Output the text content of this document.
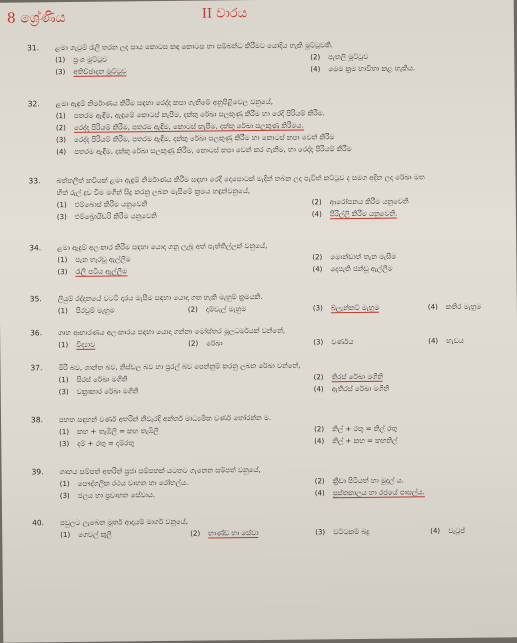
8 ශ්‍රේණිය	II වාරය
31.	ළමා ගැටුම් රැලි තරන ලද සාය කොටස කඳ කොටස හා සම්බන්ධ කිරීමට යොදිය හැකි මූට්ටුවකි.
(1) ප්‍රංශ මූට්ටුව	(2) පැතලි මූට්ටුව
(3) අතිච්ඡාදන මූට්ටුව	(4) මෙම ක්‍රම භාවිතා කළ හැකිය.
32.	ළමා ඇඳුම් නිර්මාණය කිරීම සඳහා රෙද්ද කපා ගැනීමේ අනුපිළිවෙල වනුයේ,
(1) පතරම ඇඳීම, ඇඳුමේ කොටස් කැපීම, දක්කු රේඛා සලකුණු කිරීම හා රෙදි පිරියම් කිරීම.
(2) රෙද්ද පිරියම් කිරීම, පතරම ඇඳීම, කොටස් කැපීම, දක්කු රේඛා සලකුණු කිරීමය.
(3) රෙද්ද පිරියම් කිරීම, පතරම ඇඳීම, දක්කු රේඛා සලකුණු කිරීම හා කොටස් කපා වෙන් කිරීම
(4) පතරම ඇඳීම, දක්කු රේඛා සලකුණු කිරීම, කොටස් කපා වෙන් කර ගැනීම, හා රෙද්ද පිරියම් කිරීම
33.	බත්තලිත් කවියක් ළමා ඇඳුම් නිර්මාණය කිරීම සඳහා රෙදි දෙපොටක් මැදින් තබන ලද පැවිත් කට්ටුව ද සමග අදින ලද රේඛා මත
හිත් රුල් දුව වීම මගින් සිදු කරනු ලබන මැසීමේ ක්‍රමය හඳුන්වනුයේ,
(1) එම්බොස් කිරීම යනුවෙනි	(2) ආරෝපනය කිරීම යනුවෙනි
(3) එම්බ්‍රොයිඩරි කිරීම යනුවෙනි	(4) පිරිල්ලි කිරීම යනුවෙනි.
34.	ළමා ඇඳුම් අලංකාර කිරීම සඳහා යොදා ගනු ලැබූ අත් පැත්තිල්ලක් වනුයේ,
(1) පැන හැරවූ ඇල්ලීම	(2) මොන්ඩාත් තැන මැසීම
(3) රැලි පටිය ඇල්ලීම	(4) දෙපැති ජන්ඩු ඇල්ලීම
35.	ලියුම් රද්දනයේ වටටි දාරය මැසීම සඳහා යොදා ගත හැකි මැහුම් ක්‍රමයකි.
(1) පිරවුම් මැහුම	(2) දම්වැල් මැහුම	(3) බ්ලැන්කට් මැහුම	(4) කතිර මැහුම
36.	ගෘහ ආභාරණය අලංකාරය සඳහා යොදා ගන්නා මෝස්තර මූලධර්මයක් වන්නේ,
(1) විද්‍යාව	(2) රේඛා	(3) වර්ණය	(4) හැඩය
37.	මිරි බව, ශාන්ත බව, නිස්චල බව හා ප්‍රරල් බව පෙන්නුම් කරනු ලබන රේඛා වන්නේ,
(1) සිරස් රේඛා මගිනි	(2) තිරස් රේඛා මගිනි
(3) වක්‍රාකාර රේඛා මගිනි	(4) ඇතිරස් රේඛා මගිනි
38.	පහත සඳහන් වර්ණ අතරින් නිවැරදි අන්තර් මාධ්‍යමික වර්ණ තෝරන්න ම.
(1) කහ + තැඹිලි = කහ තැඹිලි	(2) නිල් + රතු = නිල් රතු
(3) දම් + රතු = දම්රතු	(4) නිල් + කහ = කහනිල්
39.	ගෘහය සම්පත් අතරින් ප්‍රජා සම්පතක් යටතට ගැනෙන සම්පත් වනුයේ,
(1) පෞද්ගලික රථය වාහන හා රෝහල්ය.	(2) ක්‍රීඩා පිටියත් හා මුදල් ය.
(3) ජලය හා ප්‍රවාහන සේවාය.	(4) පුස්තකාලය හා රජයේ පාසල්ය.
40.	පවුලට ලැබෙන මූර්ත ආදායම් මාර්ග වනුයේ,
(1) ගෙවල් කුලී	(2) භාණ්ඩ හා සේවා	(3) වට්ටකම් බදු	(4) වැටුප්
